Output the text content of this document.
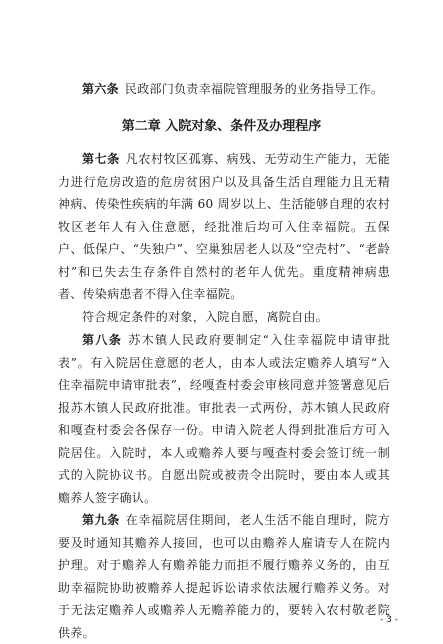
第六条 民政部门负责幸福院管理服务的业务指导工作。

第二章 入院对象、条件及办理程序

第七条 凡农村牧区孤寡、病残、无劳动生产能力，无能力进行危房改造的危房贫困户以及具备生活自理能力且无精神病、传染性疾病的年满 60 周岁以上、生活能够自理的农村牧区老年人有入住意愿，经批准后均可入住幸福院。五保户、低保户、“失独户”、空巢独居老人以及“空壳村”、“老龄村”和已失去生存条件自然村的老年人优先。重度精神病患者、传染病患者不得入住幸福院。

符合规定条件的对象，入院自愿，离院自由。

第八条 苏木镇人民政府要制定“入住幸福院申请审批表”。有入院居住意愿的老人，由本人或法定赡养人填写“入住幸福院申请审批表”，经嘎查村委会审核同意并签署意见后报苏木镇人民政府批准。审批表一式两份，苏木镇人民政府和嘎查村委会各保存一份。申请入院老人得到批准后方可入院居住。入院时，本人或赡养人要与嘎查村委会签订统一制式的入院协议书。自愿出院或被责令出院时，要由本人或其赡养人签字确认。

第九条 在幸福院居住期间，老人生活不能自理时，院方要及时通知其赡养人接回，也可以由赡养人雇请专人在院内护理。对于赡养人有赡养能力而拒不履行赡养义务的，由互助幸福院协助被赡养人提起诉讼请求依法履行赡养义务。对于无法定赡养人或赡养人无赡养能力的，要转入农村敬老院供养。

- 3 -
